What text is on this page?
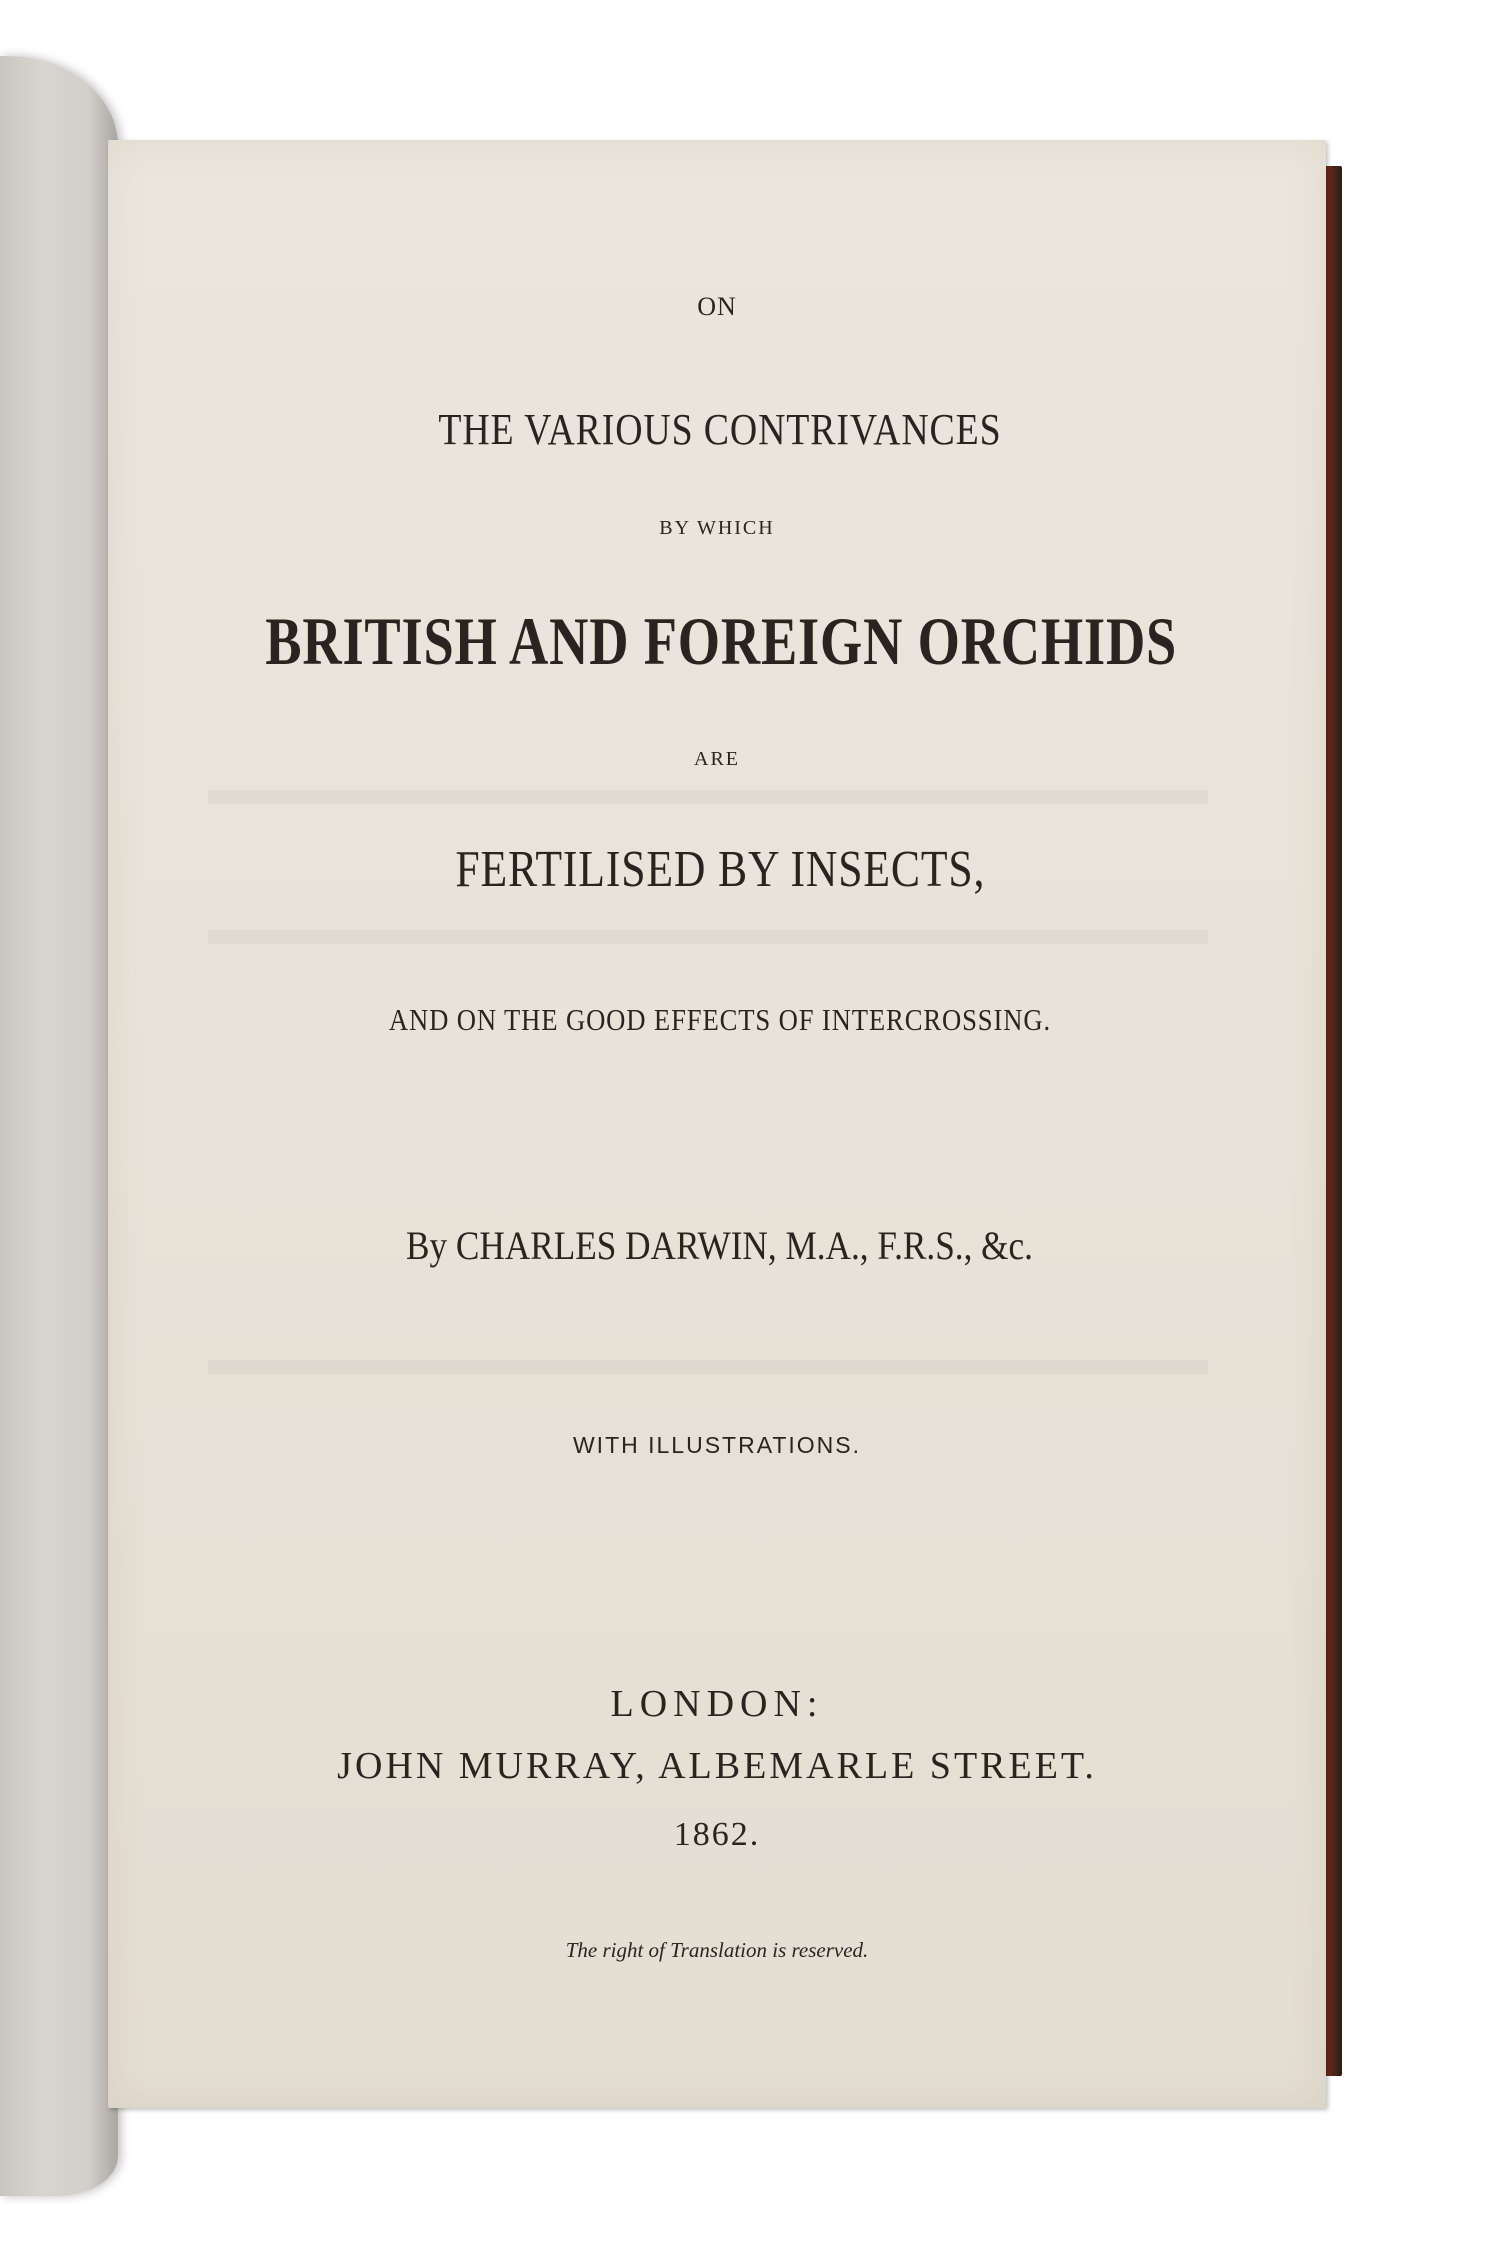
ON
THE VARIOUS CONTRIVANCES
BY WHICH
BRITISH AND FOREIGN ORCHIDS
ARE
FERTILISED BY INSECTS,
AND ON THE GOOD EFFECTS OF INTERCROSSING.
By CHARLES DARWIN, M.A., F.R.S., &c.
WITH ILLUSTRATIONS.
LONDON:
JOHN MURRAY, ALBEMARLE STREET.
1862.
The right of Translation is reserved.
